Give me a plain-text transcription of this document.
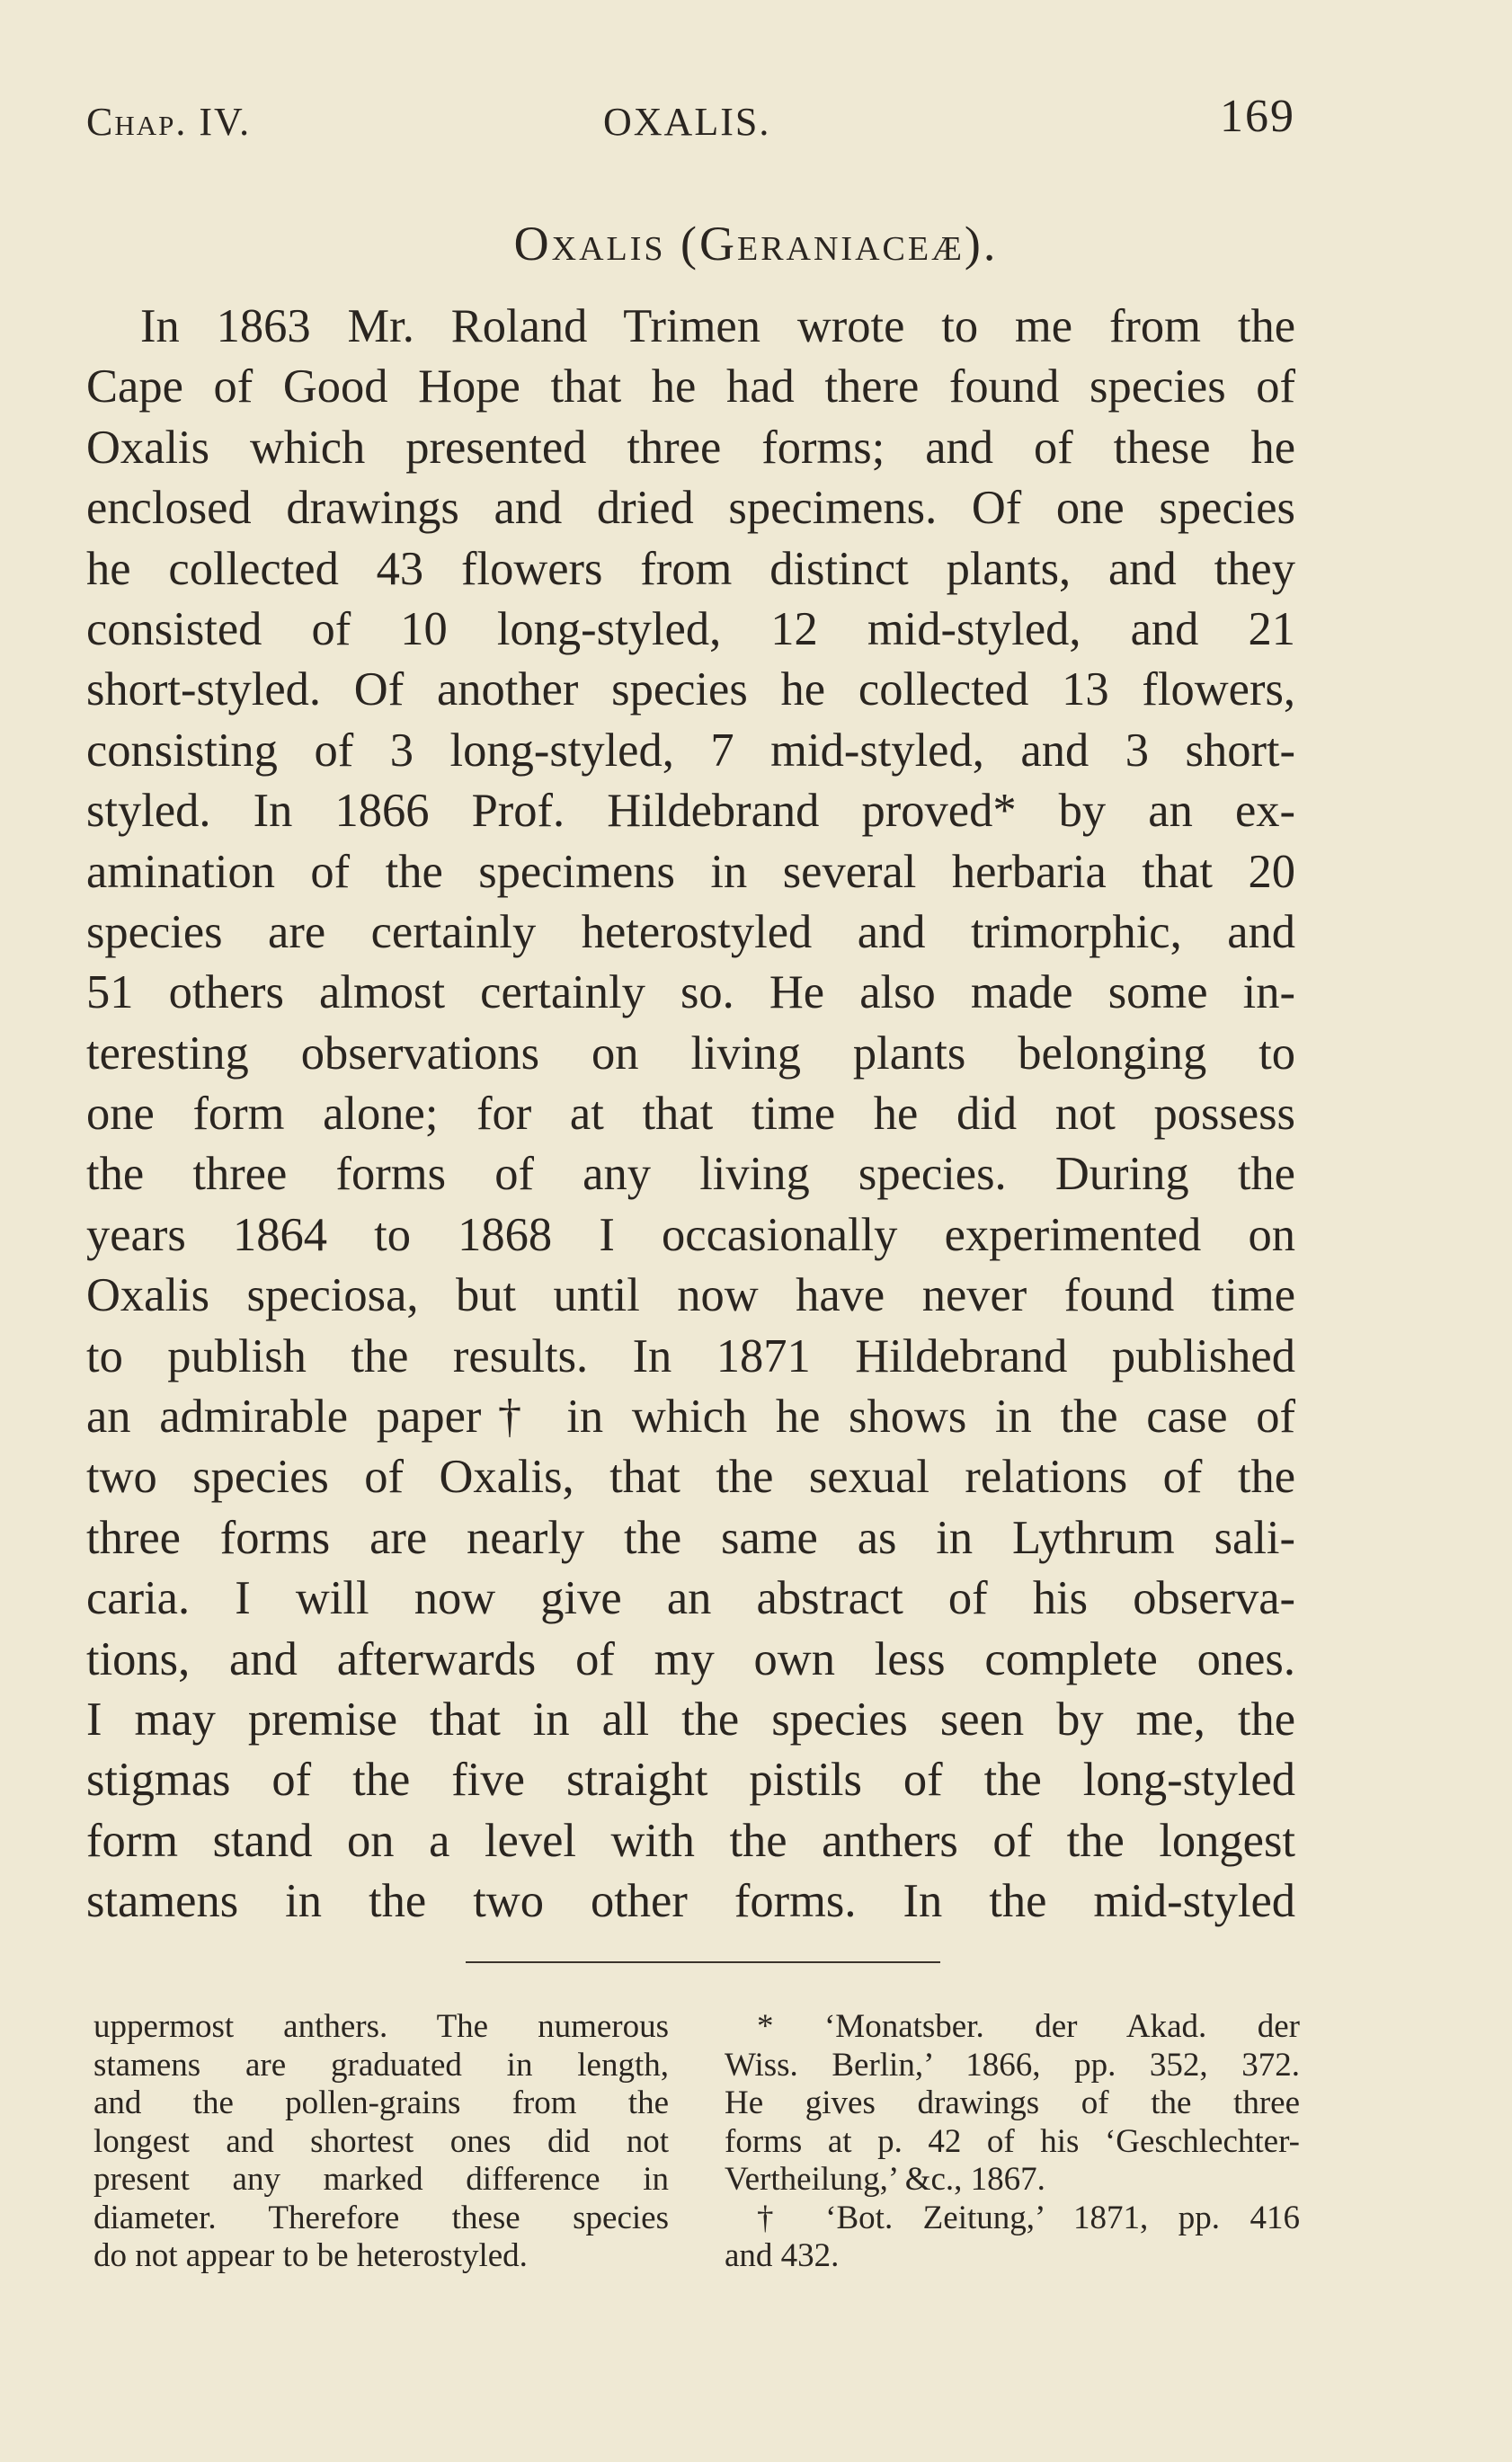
Chap. IV.	OXALIS.	169
Oxalis (Geraniaceæ).
In 1863 Mr. Roland Trimen wrote to me from the
Cape of Good Hope that he had there found species of
Oxalis which presented three forms; and of these he
enclosed drawings and dried specimens. Of one species
he collected 43 flowers from distinct plants, and they
consisted of 10 long-styled, 12 mid-styled, and 21
short-styled. Of another species he collected 13 flowers,
consisting of 3 long-styled, 7 mid-styled, and 3 short-
styled. In 1866 Prof. Hildebrand proved* by an ex-
amination of the specimens in several herbaria that 20
species are certainly heterostyled and trimorphic, and
51 others almost certainly so. He also made some in-
teresting observations on living plants belonging to
one form alone; for at that time he did not possess
the three forms of any living species. During the
years 1864 to 1868 I occasionally experimented on
Oxalis speciosa, but until now have never found time
to publish the results. In 1871 Hildebrand published
an admirable paper† in which he shows in the case of
two species of Oxalis, that the sexual relations of the
three forms are nearly the same as in Lythrum sali-
caria. I will now give an abstract of his observa-
tions, and afterwards of my own less complete ones.
I may premise that in all the species seen by me, the
stigmas of the five straight pistils of the long-styled
form stand on a level with the anthers of the longest
stamens in the two other forms. In the mid-styled
uppermost anthers. The numerous
stamens are graduated in length,
and the pollen-grains from the
longest and shortest ones did not
present any marked difference in
diameter. Therefore these species
do not appear to be heterostyled.
* ‘Monatsber. der Akad. der
Wiss. Berlin,’ 1866, pp. 352, 372.
He gives drawings of the three
forms at p. 42 of his ‘Geschlechter-
Vertheilung,’ &c., 1867.
† ‘Bot. Zeitung,’ 1871, pp. 416
and 432.
